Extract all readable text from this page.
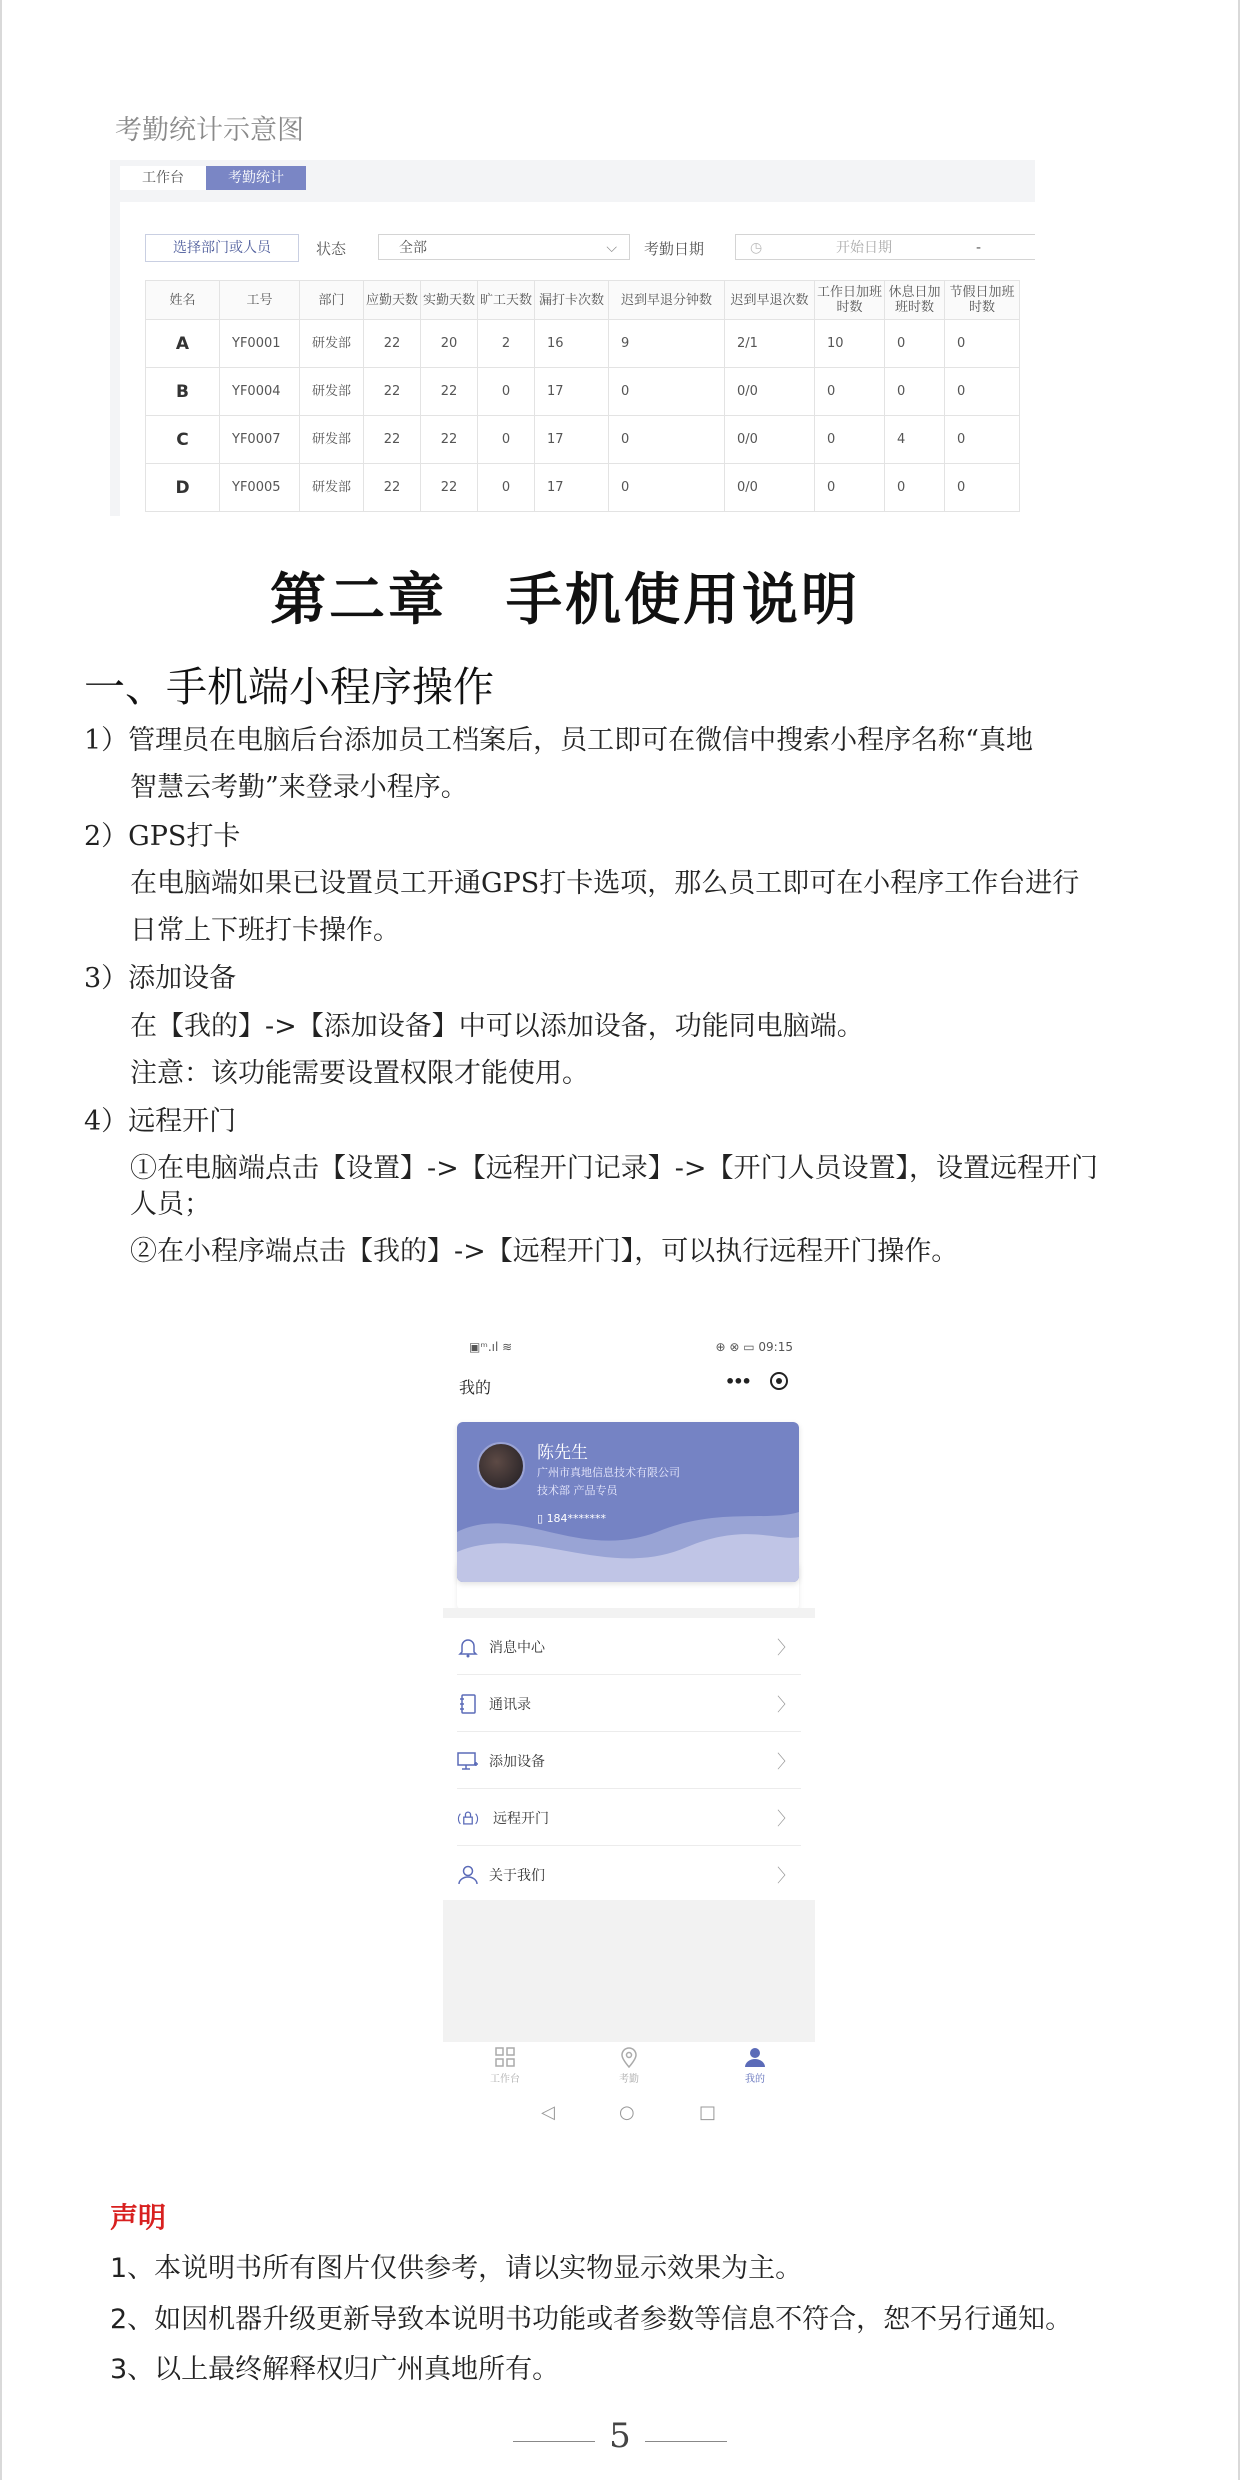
考勤统计示意图
工作台	考勤统计
选择部门或人员	状态	全部	⌵ 考勤日期	◷	开始日期	-
姓名	工号	部门	应勤天数	实勤天数	旷工天数	漏打卡次数	迟到早退分钟数	迟到早退次数	工作日加班时数	休息日加班时数	节假日加班时数
A	YF0001	研发部	22	20	2	16	9	2/1	10	0	0
B	YF0004	研发部	22	22	0	17	0	0/0	0	0	0
C	YF0007	研发部	22	22	0	17	0	0/0	0	4	0
D	YF0005	研发部	22	22	0	17	0	0/0	0	0	0
第二章　手机使用说明
一、手机端小程序操作
1）管理员在电脑后台添加员工档案后，员工即可在微信中搜索小程序名称“真地
智慧云考勤”来登录小程序。
2）GPS打卡
在电脑端如果已设置员工开通GPS打卡选项，那么员工即可在小程序工作台进行
日常上下班打卡操作。
3）添加设备
在【我的】->【添加设备】中可以添加设备，功能同电脑端。
注意：该功能需要设置权限才能使用。
4）远程开门
①在电脑端点击【设置】->【远程开门记录】->【开门人员设置】，设置远程开门
人员；
②在小程序端点击【我的】->【远程开门】，可以执行远程开门操作。
▣ᵐ.ıl ≋	⊕ ⊗ ▭ 09:15
我的	•••
陈先生
广州市真地信息技术有限公司
技术部 产品专员
▯ 184*******
消息中心	〉
通讯录	〉
添加设备	〉
远程开门	〉
关于我们	〉
工作台	考勤	我的
◁	○	□
声明
1、本说明书所有图片仅供参考，请以实物显示效果为主。
2、如因机器升级更新导致本说明书功能或者参数等信息不符合，恕不另行通知。
3、以上最终解释权归广州真地所有。
5
